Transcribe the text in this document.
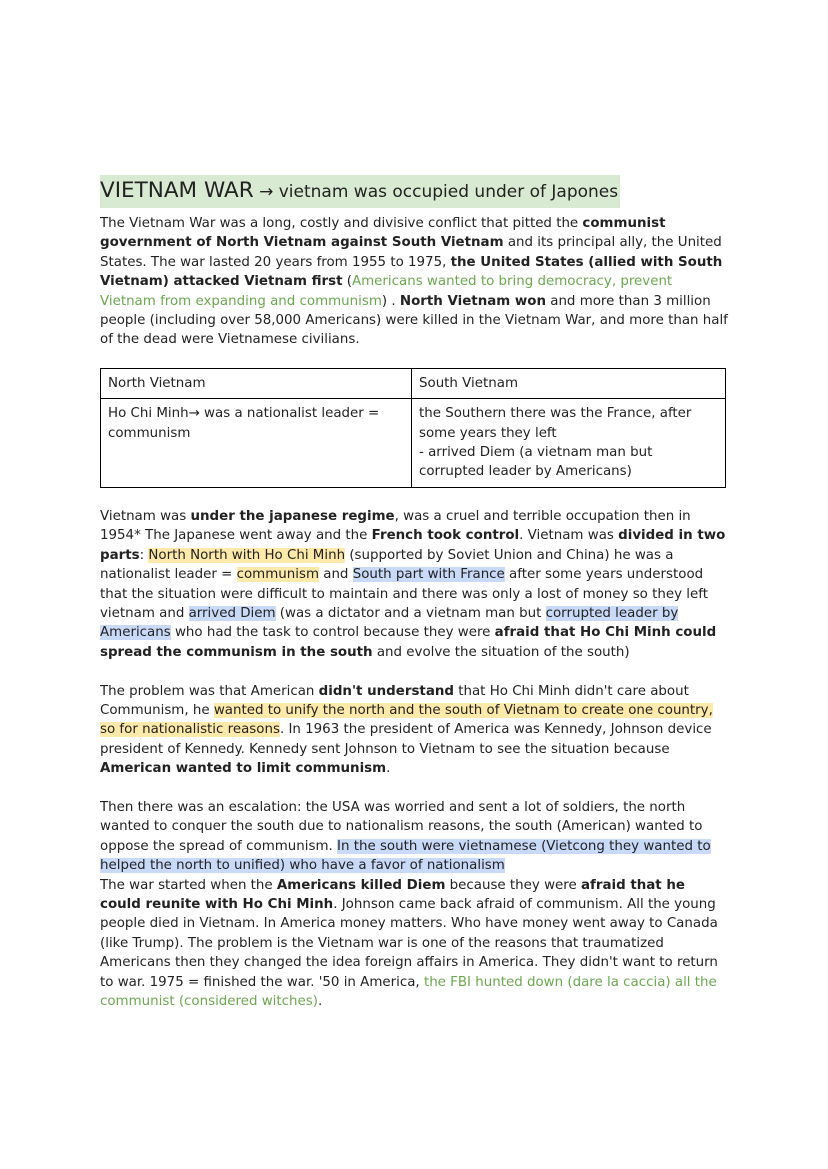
VIETNAM WAR → vietnam was occupied under of Japones

The Vietnam War was a long, costly and divisive conflict that pitted the communist government of North Vietnam against South Vietnam and its principal ally, the United States. The war lasted 20 years from 1955 to 1975, the United States (allied with South Vietnam) attacked Vietnam first (Americans wanted to bring democracy, prevent Vietnam from expanding and communism) . North Vietnam won and more than 3 million people (including over 58,000 Americans) were killed in the Vietnam War, and more than half of the dead were Vietnamese civilians.

North Vietnam	South Vietnam
Ho Chi Minh→ was a nationalist leader = communism	the Southern there was the France, after some years they left
- arrived Diem (a vietnam man but corrupted leader by Americans)

Vietnam was under the japanese regime, was a cruel and terrible occupation then in 1954* The Japanese went away and the French took control. Vietnam was divided in two parts: North North with Ho Chi Minh (supported by Soviet Union and China) he was a nationalist leader = communism and South part with France after some years understood that the situation were difficult to maintain and there was only a lost of money so they left vietnam and arrived Diem (was a dictator and a vietnam man but corrupted leader by Americans who had the task to control because they were afraid that Ho Chi Minh could spread the communism in the south and evolve the situation of the south)

The problem was that American didn't understand that Ho Chi Minh didn't care about Communism, he wanted to unify the north and the south of Vietnam to create one country, so for nationalistic reasons. In 1963 the president of America was Kennedy, Johnson device president of Kennedy. Kennedy sent Johnson to Vietnam to see the situation because American wanted to limit communism.

Then there was an escalation: the USA was worried and sent a lot of soldiers, the north wanted to conquer the south due to nationalism reasons, the south (American) wanted to oppose the spread of communism. In the south were vietnamese (Vietcong they wanted to helped the north to unified) who have a favor of nationalism

The war started when the Americans killed Diem because they were afraid that he could reunite with Ho Chi Minh. Johnson came back afraid of communism. All the young people died in Vietnam. In America money matters. Who have money went away to Canada (like Trump). The problem is the Vietnam war is one of the reasons that traumatized Americans then they changed the idea foreign affairs in America. They didn't want to return to war. 1975 = finished the war. '50 in America, the FBI hunted down (dare la caccia) all the communist (considered witches).
